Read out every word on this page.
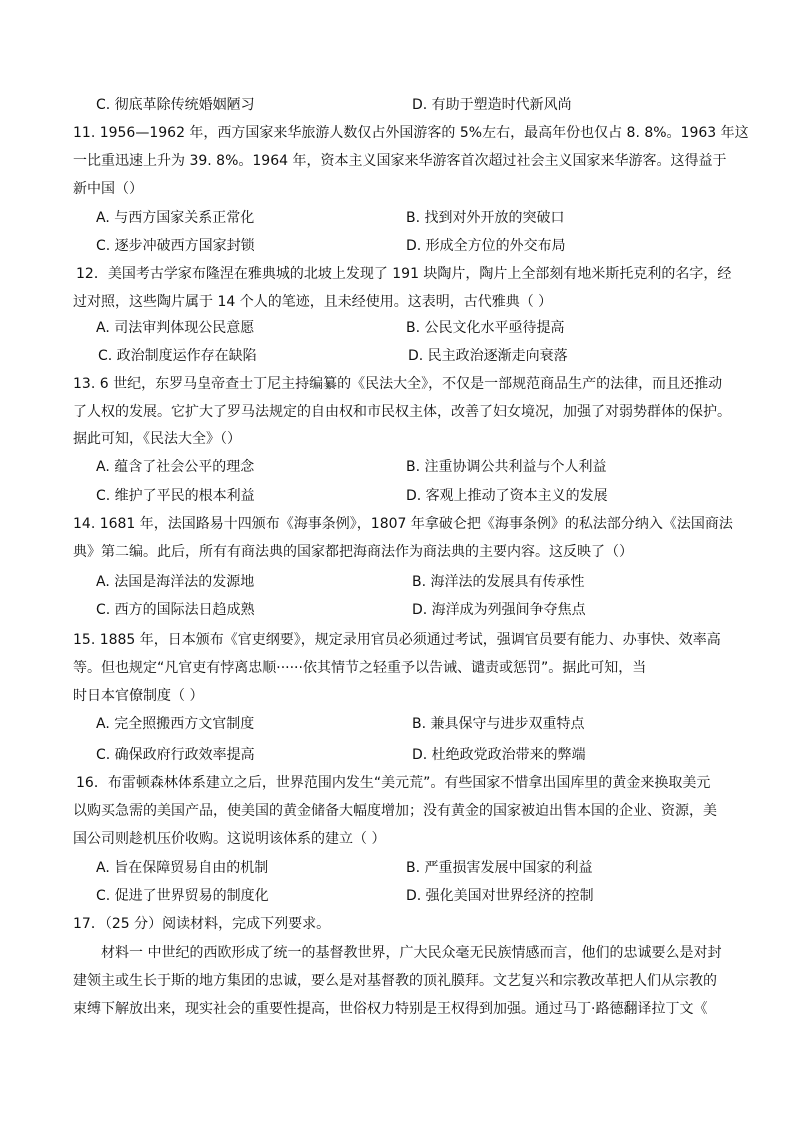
C. 彻底革除传统婚姻陋习	D. 有助于塑造时代新风尚
11. 1956—1962 年，西方国家来华旅游人数仅占外国游客的 5%左右，最高年份也仅占 8. 8%。1963 年这
一比重迅速上升为 39. 8%。1964 年，资本主义国家来华游客首次超过社会主义国家来华游客。这得益于
新中国（）
A. 与西方国家关系正常化	B. 找到对外开放的突破口
C. 逐步冲破西方国家封锁	D. 形成全方位的外交布局
12．美国考古学家布隆涅在雅典城的北坡上发现了 191 块陶片，陶片上全部刻有地米斯托克利的名字，经
过对照，这些陶片属于 14 个人的笔迹，且未经使用。这表明，古代雅典（ ）
A. 司法审判体现公民意愿	B. 公民文化水平亟待提高
C. 政治制度运作存在缺陷	D. 民主政治逐渐走向衰落
13. 6 世纪，东罗马皇帝查士丁尼主持编纂的《民法大全》，不仅是一部规范商品生产的法律，而且还推动
了人权的发展。它扩大了罗马法规定的自由权和市民权主体，改善了妇女境况，加强了对弱势群体的保护。
据此可知，《民法大全》（）
A. 蕴含了社会公平的理念	B. 注重协调公共利益与个人利益
C. 维护了平民的根本利益	D. 客观上推动了资本主义的发展
14. 1681 年，法国路易十四颁布《海事条例》，1807 年拿破仑把《海事条例》的私法部分纳入《法国商法
典》第二编。此后，所有有商法典的国家都把海商法作为商法典的主要内容。这反映了（）
A. 法国是海洋法的发源地	B. 海洋法的发展具有传承性
C. 西方的国际法日趋成熟	D. 海洋成为列强间争夺焦点
15. 1885 年，日本颁布《官吏纲要》，规定录用官员必须通过考试，强调官员要有能力、办事快、效率高
等。但也规定“凡官吏有悖离忠顺······依其情节之轻重予以告诫、谴责或惩罚”。据此可知，当
时日本官僚制度（ ）
A. 完全照搬西方文官制度	B. 兼具保守与进步双重特点
C. 确保政府行政效率提高	D. 杜绝政党政治带来的弊端
16．布雷顿森林体系建立之后，世界范围内发生“美元荒”。有些国家不惜拿出国库里的黄金来换取美元
以购买急需的美国产品，使美国的黄金储备大幅度增加；没有黄金的国家被迫出售本国的企业、资源，美
国公司则趁机压价收购。这说明该体系的建立（ ）
A. 旨在保障贸易自由的机制	B. 严重损害发展中国家的利益
C. 促进了世界贸易的制度化	D. 强化美国对世界经济的控制
17．（25 分）阅读材料，完成下列要求。
材料一 中世纪的西欧形成了统一的基督教世界，广大民众毫无民族情感而言，他们的忠诚要么是对封
建领主或生长于斯的地方集团的忠诚，要么是对基督教的顶礼膜拜。文艺复兴和宗教改革把人们从宗教的
束缚下解放出来，现实社会的重要性提高，世俗权力特别是王权得到加强。通过马丁·路德翻译拉丁文《
